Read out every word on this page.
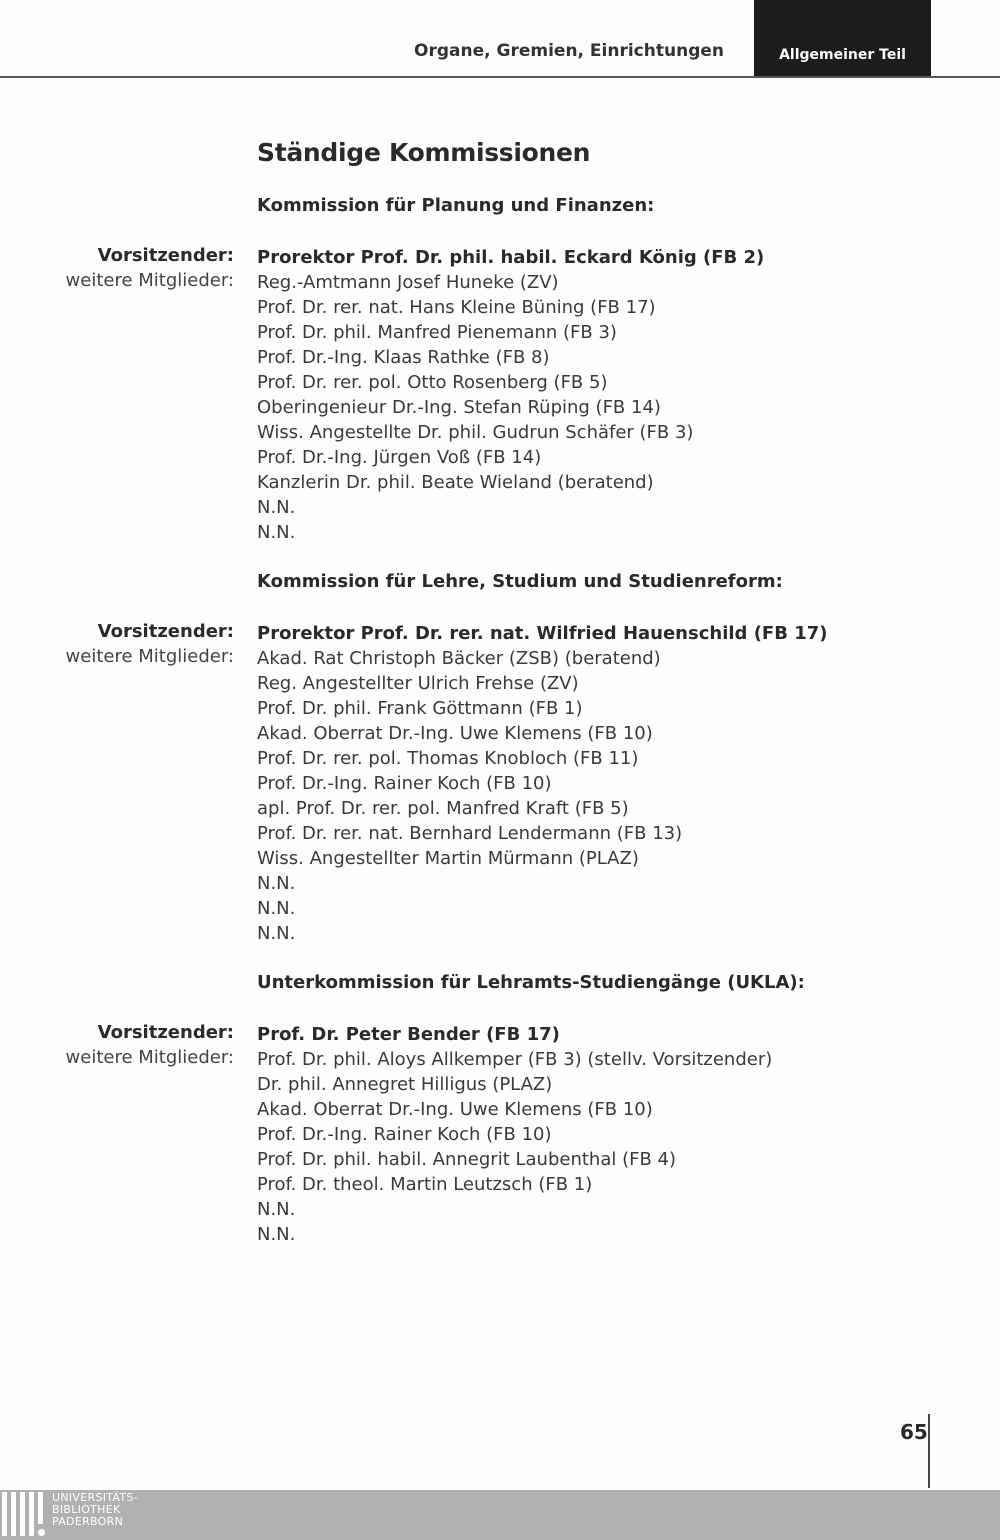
Organe, Gremien, Einrichtungen	Allgemeiner Teil
Ständige Kommissionen
Kommission für Planung und Finanzen:
Vorsitzender:
weitere Mitglieder:
Prorektor Prof. Dr. phil. habil. Eckard König (FB 2)
Reg.-Amtmann Josef Huneke (ZV)
Prof. Dr. rer. nat. Hans Kleine Büning (FB 17)
Prof. Dr. phil. Manfred Pienemann (FB 3)
Prof. Dr.-Ing. Klaas Rathke (FB 8)
Prof. Dr. rer. pol. Otto Rosenberg (FB 5)
Oberingenieur Dr.-Ing. Stefan Rüping (FB 14)
Wiss. Angestellte Dr. phil. Gudrun Schäfer (FB 3)
Prof. Dr.-Ing. Jürgen Voß (FB 14)
Kanzlerin Dr. phil. Beate Wieland (beratend)
N.N.
N.N.
Kommission für Lehre, Studium und Studienreform:
Vorsitzender:
weitere Mitglieder:
Prorektor Prof. Dr. rer. nat. Wilfried Hauenschild (FB 17)
Akad. Rat Christoph Bäcker (ZSB) (beratend)
Reg. Angestellter Ulrich Frehse (ZV)
Prof. Dr. phil. Frank Göttmann (FB 1)
Akad. Oberrat Dr.-Ing. Uwe Klemens (FB 10)
Prof. Dr. rer. pol. Thomas Knobloch (FB 11)
Prof. Dr.-Ing. Rainer Koch (FB 10)
apl. Prof. Dr. rer. pol. Manfred Kraft (FB 5)
Prof. Dr. rer. nat. Bernhard Lendermann (FB 13)
Wiss. Angestellter Martin Mürmann (PLAZ)
N.N.
N.N.
N.N.
Unterkommission für Lehramts-Studiengänge (UKLA):
Vorsitzender:
weitere Mitglieder:
Prof. Dr. Peter Bender (FB 17)
Prof. Dr. phil. Aloys Allkemper (FB 3) (stellv. Vorsitzender)
Dr. phil. Annegret Hilligus (PLAZ)
Akad. Oberrat Dr.-Ing. Uwe Klemens (FB 10)
Prof. Dr.-Ing. Rainer Koch (FB 10)
Prof. Dr. phil. habil. Annegrit Laubenthal (FB 4)
Prof. Dr. theol. Martin Leutzsch (FB 1)
N.N.
N.N.
65
UNIVERSITÄTS-
BIBLIOTHEK
PADERBORN
